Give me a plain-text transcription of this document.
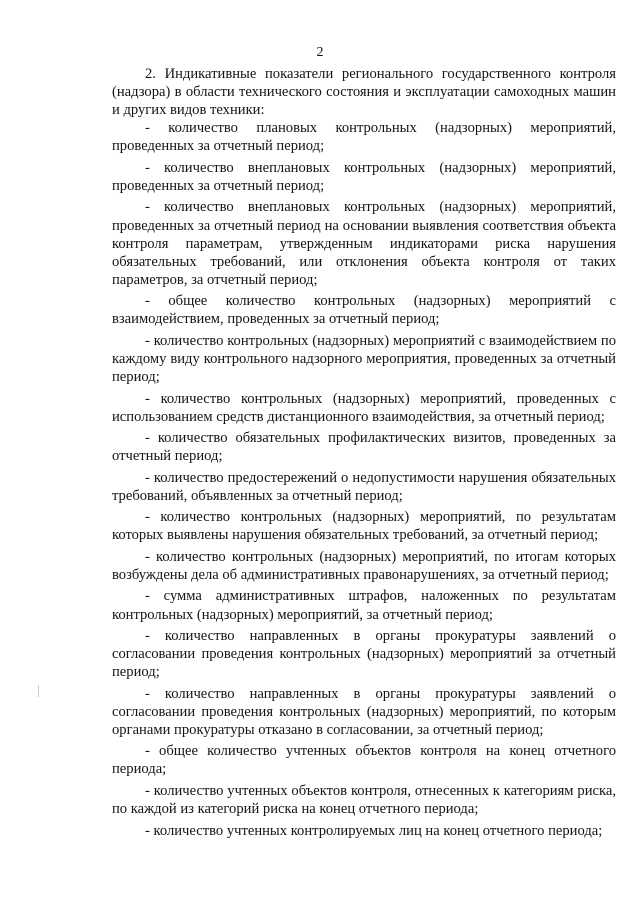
2

2. Индикативные показатели регионального государственного контроля (надзора) в области технического состояния и эксплуатации самоходных машин и других видов техники:

- количество плановых контрольных (надзорных) мероприятий, проведенных за отчетный период;

- количество внеплановых контрольных (надзорных) мероприятий, проведенных за отчетный период;

- количество внеплановых контрольных (надзорных) мероприятий, проведенных за отчетный период на основании выявления соответствия объекта контроля параметрам, утвержденным индикаторами риска нарушения обязательных требований, или отклонения объекта контроля от таких параметров, за отчетный период;

- общее количество контрольных (надзорных) мероприятий с взаимодействием, проведенных за отчетный период;

- количество контрольных (надзорных) мероприятий с взаимодействием по каждому виду контрольного надзорного мероприятия, проведенных за отчетный период;

- количество контрольных (надзорных) мероприятий, проведенных с использованием средств дистанционного взаимодействия, за отчетный период;

- количество обязательных профилактических визитов, проведенных за отчетный период;

- количество предостережений о недопустимости нарушения обязательных требований, объявленных за отчетный период;

- количество контрольных (надзорных) мероприятий, по результатам которых выявлены нарушения обязательных требований, за отчетный период;

- количество контрольных (надзорных) мероприятий, по итогам которых возбуждены дела об административных правонарушениях, за отчетный период;

- сумма административных штрафов, наложенных по результатам контрольных (надзорных) мероприятий, за отчетный период;

- количество направленных в органы прокуратуры заявлений о согласовании проведения контрольных (надзорных) мероприятий за отчетный период;

- количество направленных в органы прокуратуры заявлений о согласовании проведения контрольных (надзорных) мероприятий, по которым органами прокуратуры отказано в согласовании, за отчетный период;

- общее количество учтенных объектов контроля на конец отчетного периода;

- количество учтенных объектов контроля, отнесенных к категориям риска, по каждой из категорий риска на конец отчетного периода;

- количество учтенных контролируемых лиц на конец отчетного периода;
